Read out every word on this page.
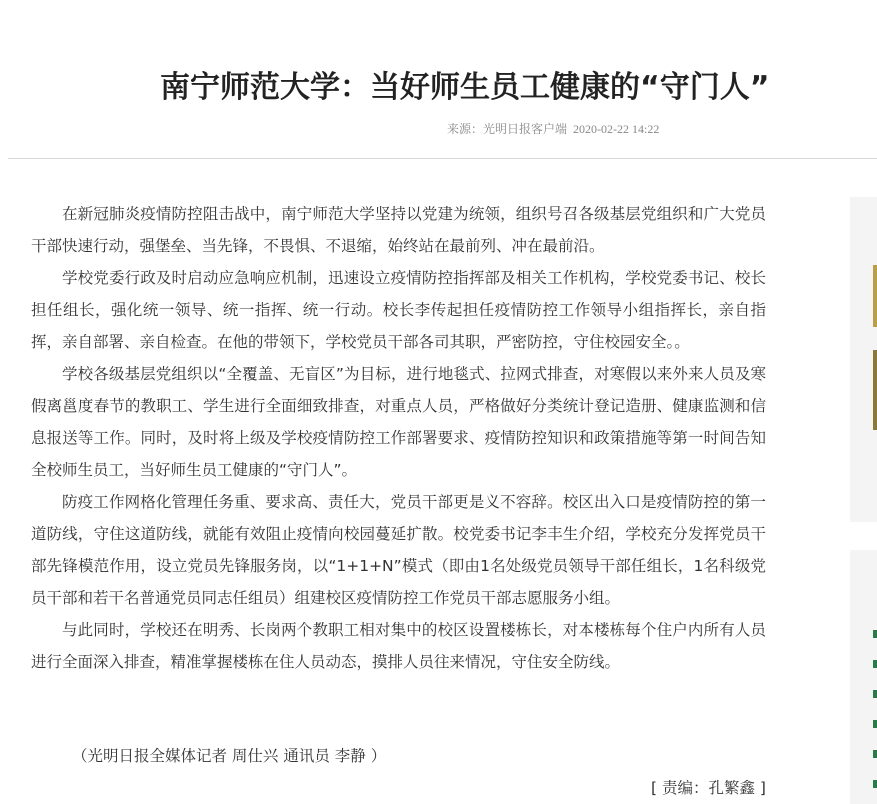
南宁师范大学：当好师生员工健康的“守门人”
来源：光明日报客户端 2020-02-22 14:22

在新冠肺炎疫情防控阻击战中，南宁师范大学坚持以党建为统领，组织号召各级基层党组织和广大党员干部快速行动，强堡垒、当先锋，不畏惧、不退缩，始终站在最前列、冲在最前沿。

学校党委行政及时启动应急响应机制，迅速设立疫情防控指挥部及相关工作机构，学校党委书记、校长担任组长，强化统一领导、统一指挥、统一行动。校长李传起担任疫情防控工作领导小组指挥长，亲自指挥，亲自部署、亲自检查。在他的带领下，学校党员干部各司其职，严密防控，守住校园安全。。

学校各级基层党组织以“全覆盖、无盲区”为目标，进行地毯式、拉网式排查，对寒假以来外来人员及寒假离邕度春节的教职工、学生进行全面细致排查，对重点人员，严格做好分类统计登记造册、健康监测和信息报送等工作。同时，及时将上级及学校疫情防控工作部署要求、疫情防控知识和政策措施等第一时间告知全校师生员工，当好师生员工健康的“守门人”。

防疫工作网格化管理任务重、要求高、责任大，党员干部更是义不容辞。校区出入口是疫情防控的第一道防线，守住这道防线，就能有效阻止疫情向校园蔓延扩散。校党委书记李丰生介绍，学校充分发挥党员干部先锋模范作用，设立党员先锋服务岗，以“1+1+N”模式（即由1名处级党员领导干部任组长，1名科级党员干部和若干名普通党员同志任组员）组建校区疫情防控工作党员干部志愿服务小组。

与此同时，学校还在明秀、长岗两个教职工相对集中的校区设置楼栋长，对本楼栋每个住户内所有人员进行全面深入排查，精准掌握楼栋在住人员动态，摸排人员往来情况，守住安全防线。

（光明日报全媒体记者 周仕兴 通讯员 李静 ）
[ 责编：孔繁鑫 ]
